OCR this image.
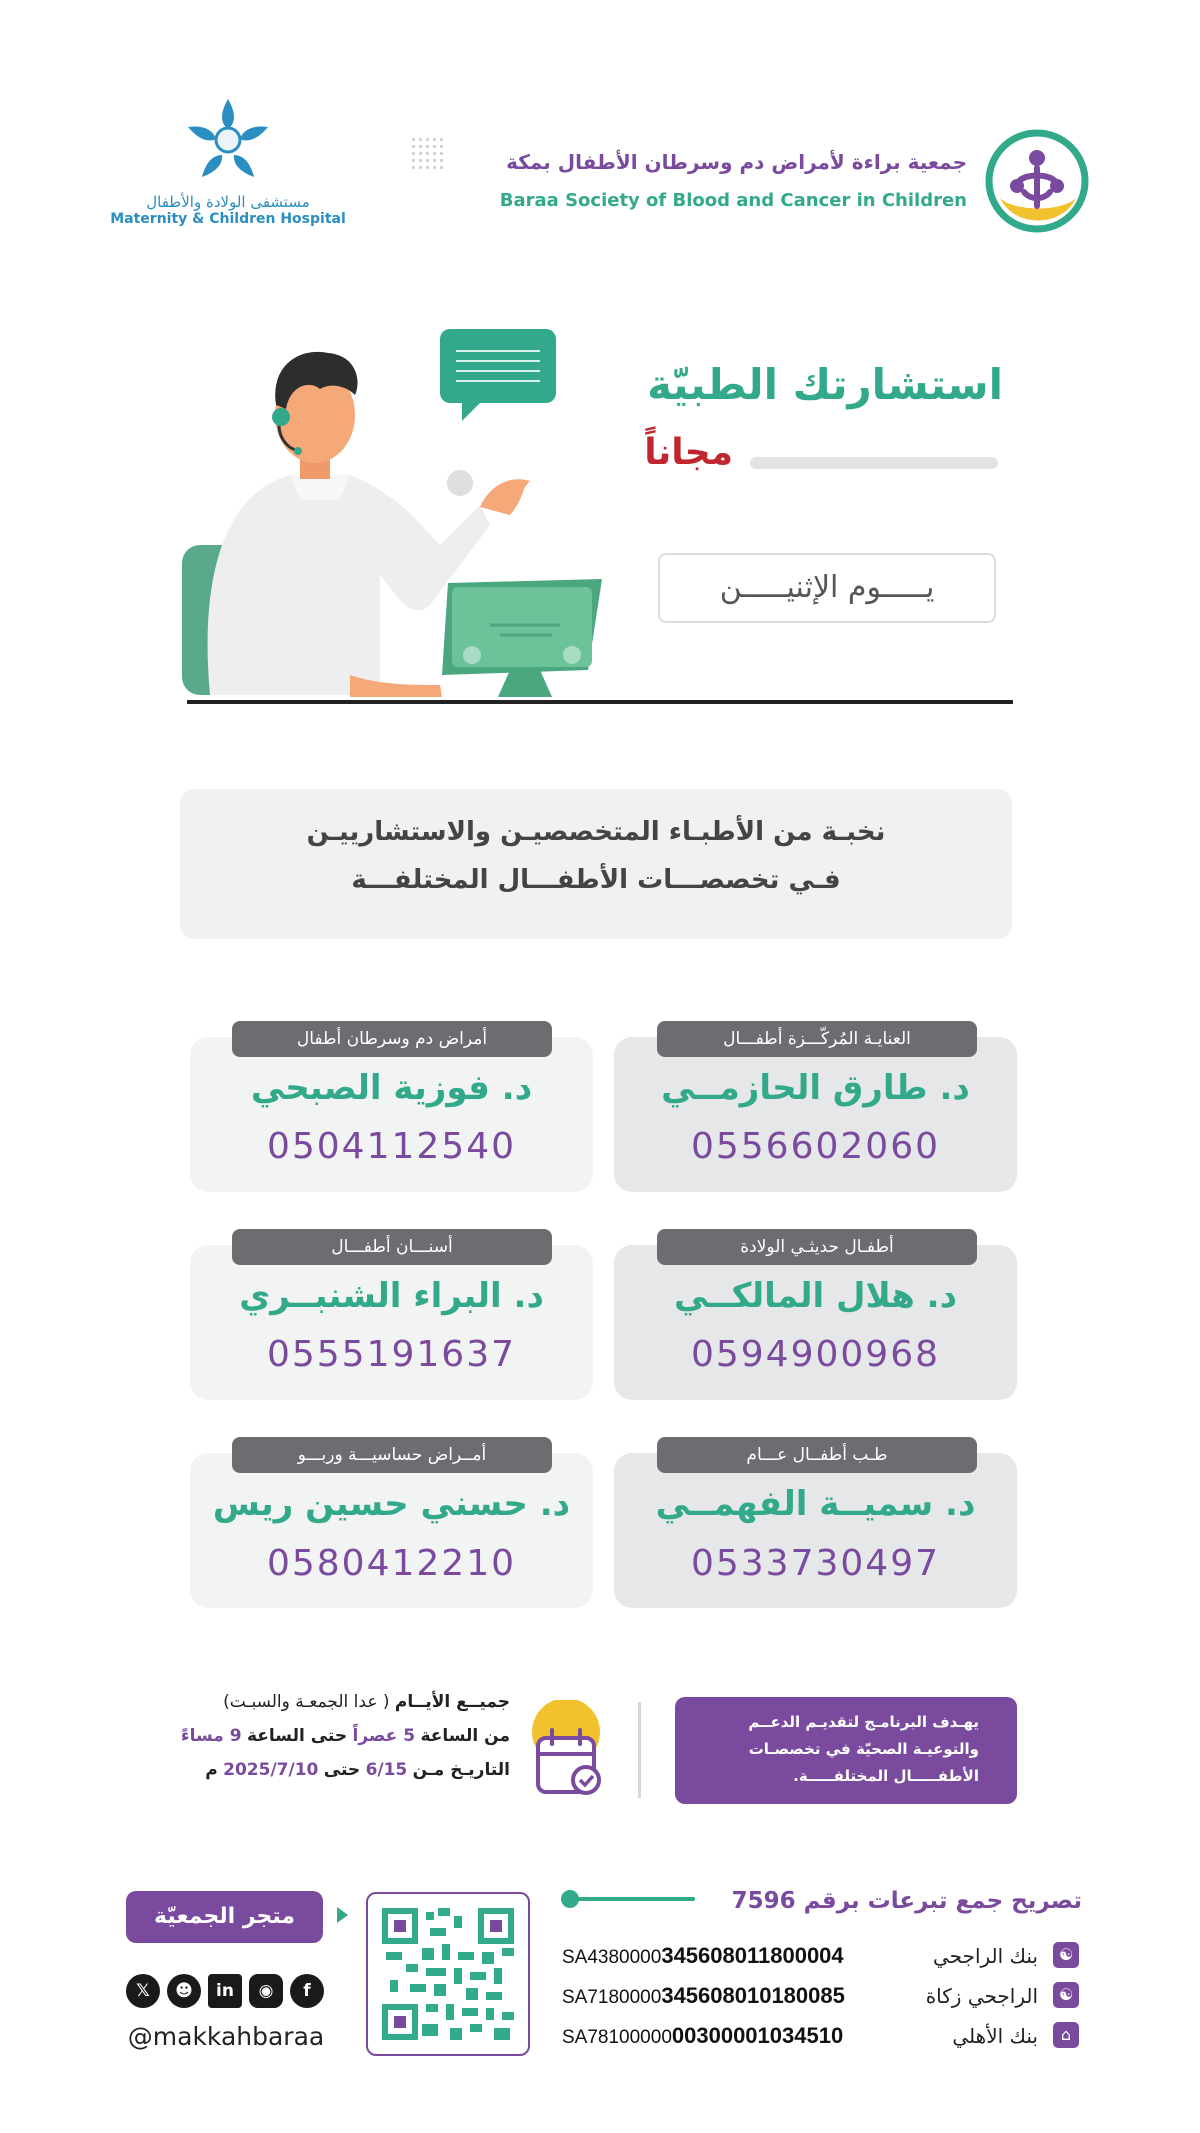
مستشفى الولادة والأطفال
Maternity & Children Hospital
جمعية براءة لأمراض دم وسرطان الأطفال بمكة
Baraa Society of Blood and Cancer in Children
استشارتك الطبيّة
مجاناً
يـــــوم الإثنيـــــن
نخبـة من الأطبـاء المتخصصيـن والاستشارييـن
فـي تخصصـــات الأطفـــال المختلفـــة
العنايـة المُركّـــزة أطفـــال
د. طارق الحازمــي
0556602060
أمراض دم وسرطان أطفال
د. فوزية الصبحي
0504112540
أطفـال حديثـي الولادة
د. هلال المالكــي
0594900968
أسنـــان أطفـــال
د. البراء الشنبــري
0555191637
طـب أطفــال عـــام
د. سميــة الفهمــي
0533730497
أمــراض حساسيـــة وربـــو
د. حسني حسين ريس
0580412210
يهـدف البرنامـج لتقديـم الدعــم
والتوعيـة الصحيّة في تخصصـات
الأطفـــــال المختلفـــــة.
جميــع الأيــام ( عدا الجمعـة والسبـت)
من الساعة 5 عصراً حتى الساعة 9 مساءً
التاريـخ مـن 6/15 حتى 2025/7/10 م
تصريح جمع تبرعات برقم 7596
☯
بنك الراجحي
SA4380000345608011800004
☯
الراجحي زكاة
SA7180000345608010180085
⌂
بنك الأهلي
SA7810000000300001034510
متجر الجمعيّة
𝕏	☻	in	◉	f
@makkahbaraa
